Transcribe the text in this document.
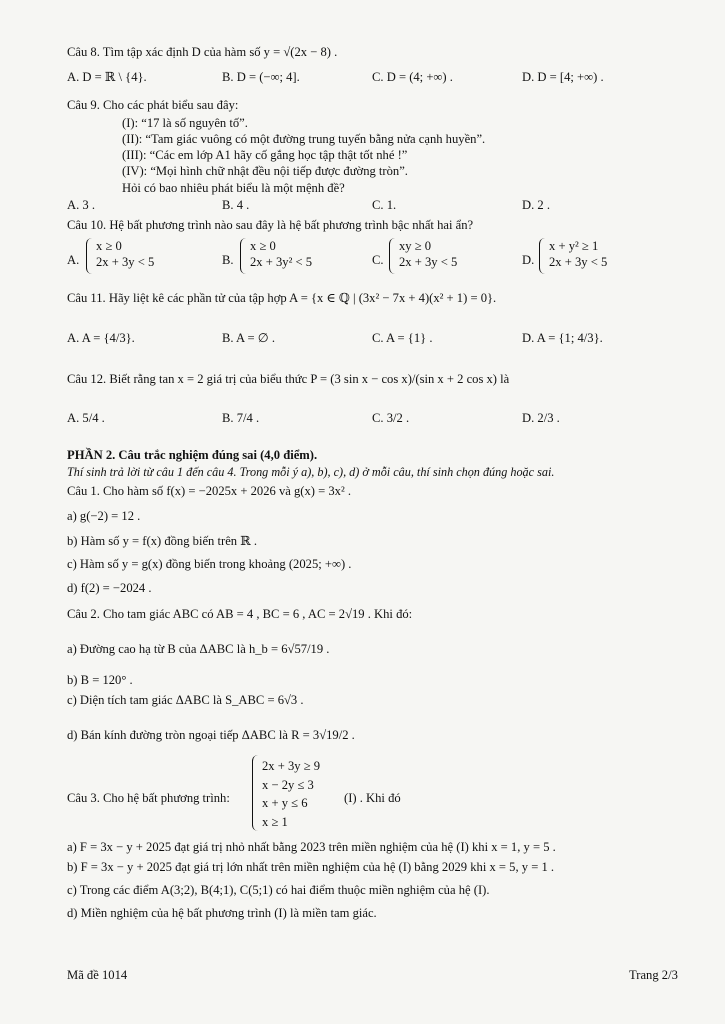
Câu 8. Tìm tập xác định D của hàm số y = √(2x − 8) .
A. D = ℝ \ {4}.	B. D = (−∞; 4].	C. D = (4; +∞) .	D. D = [4; +∞) .
Câu 9. Cho các phát biểu sau đây:
(I): “17 là số nguyên tố”.
(II): “Tam giác vuông có một đường trung tuyến bằng nửa cạnh huyền”.
(III): “Các em lớp A1 hãy cố gắng học tập thật tốt nhé !”
(IV): “Mọi hình chữ nhật đều nội tiếp được đường tròn”.
Hỏi có bao nhiêu phát biểu là một mệnh đề?
A. 3 .	B. 4 .	C. 1.	D. 2 .
Câu 10. Hệ bất phương trình nào sau đây là hệ bất phương trình bậc nhất hai ẩn?
A.
x ≥ 0
2x + 3y < 5	B.
x ≥ 0
2x + 3y² < 5	C.
xy ≥ 0
2x + 3y < 5	D.
x + y² ≥ 1
2x + 3y < 5
Câu 11. Hãy liệt kê các phần tử của tập hợp A = {x ∈ ℚ | (3x² − 7x + 4)(x² + 1) = 0}.
A. A = {4/3}.	B. A = ∅ .	C. A = {1} .	D. A = {1; 4/3}.
Câu 12. Biết rằng tan x = 2 giá trị của biểu thức P = (3 sin x − cos x)/(sin x + 2 cos x) là
A. 5/4 .	B. 7/4 .	C. 3/2 .	D. 2/3 .
PHẦN 2. Câu trắc nghiệm đúng sai (4,0 điểm).
Thí sinh trả lời từ câu 1 đến câu 4. Trong mỗi ý a), b), c), d) ở mỗi câu, thí sinh chọn đúng hoặc sai.
Câu 1. Cho hàm số f(x) = −2025x + 2026 và g(x) = 3x² .
a) g(−2) = 12 .
b) Hàm số y = f(x) đồng biến trên ℝ .
c) Hàm số y = g(x) đồng biến trong khoảng (2025; +∞) .
d) f(2) = −2024 .
Câu 2. Cho tam giác ABC có AB = 4 , BC = 6 , AC = 2√19 . Khi đó:
a) Đường cao hạ từ B của ΔABC là h_b = 6√57/19 .
b) B = 120° .
c) Diện tích tam giác ΔABC là S_ABC = 6√3 .
d) Bán kính đường tròn ngoại tiếp ΔABC là R = 3√19/2 .
Câu 3. Cho hệ bất phương trình:
2x + 3y ≥ 9
x − 2y ≤ 3
x + y ≤ 6
x ≥ 1
(I) . Khi đó
a) F = 3x − y + 2025 đạt giá trị nhỏ nhất bằng 2023 trên miền nghiệm của hệ (I) khi x = 1, y = 5 .
b) F = 3x − y + 2025 đạt giá trị lớn nhất trên miền nghiệm của hệ (I) bằng 2029 khi x = 5, y = 1 .
c) Trong các điểm A(3;2), B(4;1), C(5;1) có hai điểm thuộc miền nghiệm của hệ (I).
d) Miền nghiệm của hệ bất phương trình (I) là miền tam giác.
Mã đề 1014	Trang 2/3
